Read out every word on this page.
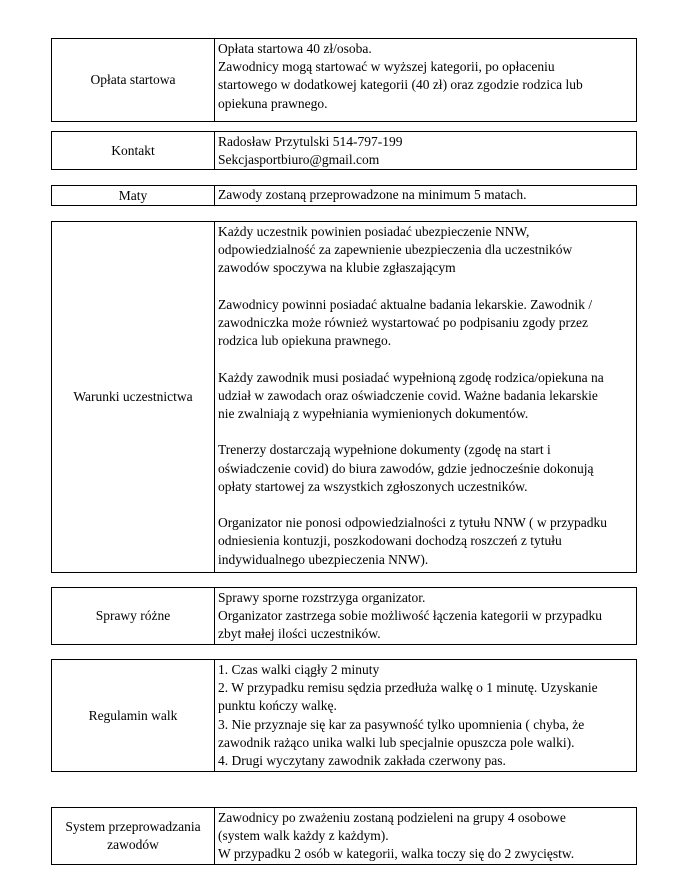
Opłata startowa
Opłata startowa 40 zł/osoba.
Zawodnicy mogą startować w wyższej kategorii, po opłaceniu
startowego w dodatkowej kategorii (40 zł) oraz zgodzie rodzica lub
opiekuna prawnego.
Kontakt
Radosław Przytulski 514-797-199
Sekcjasportbiuro@gmail.com
Maty	Zawody zostaną przeprowadzone na minimum 5 matach.
Warunki uczestnictwa

Każdy uczestnik powinien posiadać ubezpieczenie NNW,
odpowiedzialność za zapewnienie ubezpieczenia dla uczestników
zawodów spoczywa na klubie zgłaszającym

Zawodnicy powinni posiadać aktualne badania lekarskie. Zawodnik /
zawodniczka może również wystartować po podpisaniu zgody przez
rodzica lub opiekuna prawnego.

Każdy zawodnik musi posiadać wypełnioną zgodę rodzica/opiekuna na
udział w zawodach oraz oświadczenie covid. Ważne badania lekarskie
nie zwalniają z wypełniania wymienionych dokumentów.

Trenerzy dostarczają wypełnione dokumenty (zgodę na start i
oświadczenie covid) do biura zawodów, gdzie jednocześnie dokonują
opłaty startowej za wszystkich zgłoszonych uczestników.

Organizator nie ponosi odpowiedzialności z tytułu NNW ( w przypadku
odniesienia kontuzji, poszkodowani dochodzą roszczeń z tytułu
indywidualnego ubezpieczenia NNW).

Sprawy różne
Sprawy sporne rozstrzyga organizator.
Organizator zastrzega sobie możliwość łączenia kategorii w przypadku
zbyt małej ilości uczestników.
Regulamin walk
1. Czas walki ciągły 2 minuty
2. W przypadku remisu sędzia przedłuża walkę o 1 minutę. Uzyskanie
punktu kończy walkę.
3. Nie przyznaje się kar za pasywność tylko upomnienia ( chyba, że
zawodnik rażąco unika walki lub specjalnie opuszcza pole walki).
4. Drugi wyczytany zawodnik zakłada czerwony pas.
System przeprowadzania zawodów
Zawodnicy po zważeniu zostaną podzieleni na grupy 4 osobowe
(system walk każdy z każdym).
W przypadku 2 osób w kategorii, walka toczy się do 2 zwycięstw.
